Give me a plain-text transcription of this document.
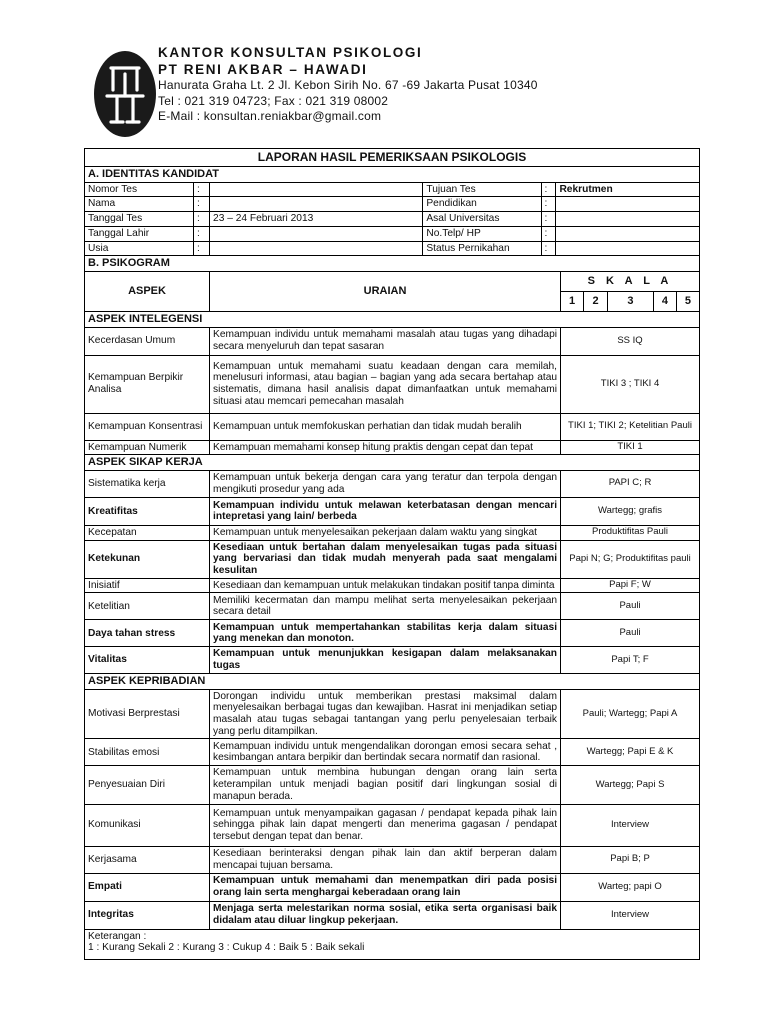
KANTOR KONSULTAN PSIKOLOGI
PT RENI AKBAR – HAWADI
Hanurata Graha Lt. 2 Jl. Kebon Sirih No. 67 -69 Jakarta Pusat 10340
Tel : 021 319 04723; Fax : 021 319 08002
E-Mail : konsultan.reniakbar@gmail.com
LAPORAN HASIL PEMERIKSAAN PSIKOLOGIS										
A. IDENTITAS KANDIDAT										
Nomor Tes	:		Tujuan Tes	:	Rekrutmen					
Nama	:		Pendidikan	:						
Tanggal Tes	:	23 – 24 Februari 2013	Asal Universitas	:						
Tanggal Lahir	:		No.Telp/ HP	:						
Usia	:		Status Pernikahan	:						
B. PSIKOGRAM										
ASPEK		URAIAN				S K A L A				
						1	2	3	4	5
ASPEK INTELEGENSI										
Kecerdasan Umum		Kemampuan individu untuk memahami masalah atau tugas yang dihadapi secara menyeluruh dan tepat sasaran				SS IQ				
Kemampuan Berpikir Analisa		Kemampuan untuk memahami suatu keadaan dengan cara memilah, menelusuri informasi, atau bagian – bagian yang ada secara bertahap atau sistematis, dimana hasil analisis dapat dimanfaatkan untuk memahami situasi atau memcari pemecahan masalah				TIKI 3 ; TIKI 4				
Kemampuan Konsentrasi		Kemampuan untuk memfokuskan perhatian dan tidak mudah beralih				TIKI 1; TIKI 2; Ketelitian Pauli				
Kemampuan Numerik		Kemampuan memahami konsep hitung praktis dengan cepat dan tepat				TIKI 1				
ASPEK SIKAP KERJA										
Sistematika kerja		Kemampuan untuk bekerja dengan cara yang teratur dan terpola dengan mengikuti prosedur yang ada				PAPI C; R				
Kreatifitas		Kemampuan individu untuk melawan keterbatasan dengan mencari intepretasi yang lain/ berbeda				Wartegg; grafis				
Kecepatan		Kemampuan untuk menyelesaikan pekerjaan dalam waktu yang singkat				Produktifitas Pauli				
Ketekunan		Kesediaan untuk bertahan dalam menyelesaikan tugas pada situasi yang bervariasi dan tidak mudah menyerah pada saat mengalami kesulitan				Papi N; G; Produktifitas pauli				
Inisiatif		Kesediaan dan kemampuan untuk melakukan tindakan positif tanpa diminta				Papi F; W				
Ketelitian		Memiliki kecermatan dan mampu melihat serta menyelesaikan pekerjaan secara detail				Pauli				
Daya tahan stress		Kemampuan untuk mempertahankan stabilitas kerja dalam situasi yang menekan dan monoton.				Pauli				
Vitalitas		Kemampuan untuk menunjukkan kesigapan dalam melaksanakan tugas				Papi T; F				
ASPEK KEPRIBADIAN										
Motivasi Berprestasi		Dorongan individu untuk memberikan prestasi maksimal dalam menyelesaikan berbagai tugas dan kewajiban. Hasrat ini menjadikan setiap masalah atau tugas sebagai tantangan yang perlu penyelesaian terbaik yang perlu ditampilkan.				Pauli; Wartegg; Papi A				
Stabilitas emosi		Kemampuan individu untuk mengendalikan dorongan emosi secara sehat , kesimbangan antara berpikir dan bertindak secara normatif dan rasional.				Wartegg; Papi E & K				
Penyesuaian Diri		Kemampuan untuk membina hubungan dengan orang lain serta keterampilan untuk menjadi bagian positif dari lingkungan sosial di manapun berada.				Wartegg; Papi S				
Komunikasi		Kemampuan untuk menyampaikan gagasan / pendapat kepada pihak lain sehingga pihak lain dapat mengerti dan menerima gagasan / pendapat tersebut dengan tepat dan benar.				Interview				
Kerjasama		Kesediaan berinteraksi dengan pihak lain dan aktif berperan dalam mencapai tujuan bersama.				Papi B; P				
Empati		Kemampuan untuk memahami dan menempatkan diri pada posisi orang lain serta menghargai keberadaan orang lain				Warteg; papi O				
Integritas		Menjaga serta melestarikan norma sosial, etika serta organisasi baik didalam atau diluar lingkup pekerjaan.				Interview				

Keterangan :
1 : Kurang Sekali 2 : Kurang 3 : Cukup 4 : Baik 5 : Baik sekali										
